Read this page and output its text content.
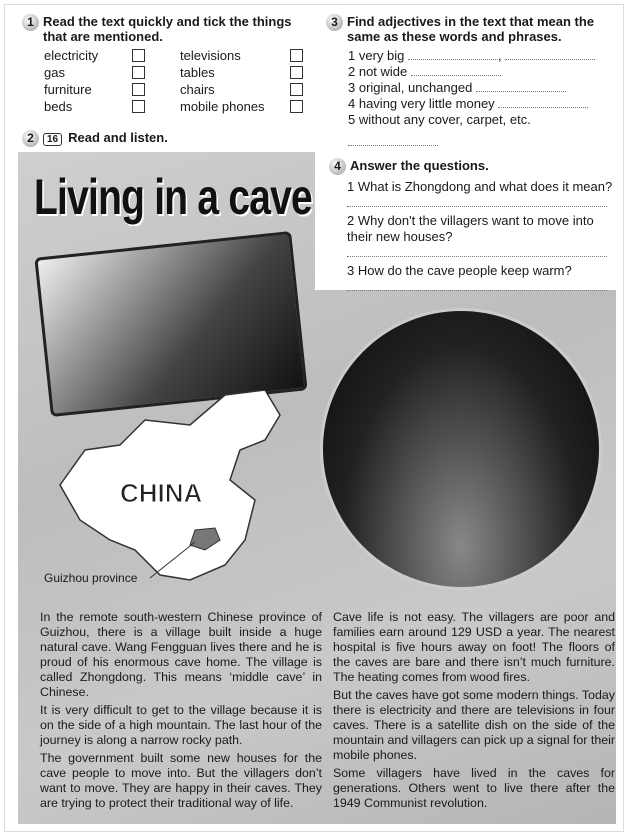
1 Read the text quickly and tick the things that are mentioned.
electricity	televisions
gas	tables
furniture	chairs
beds	mobile phones
2 16 Read and listen.
3 Find adjectives in the text that mean the same as these words and phrases.
1 very big	,
2 not wide
3 original, unchanged
4 having very little money
5 without any cover, carpet, etc.
4 Answer the questions.
1 What is Zhongdong and what does it mean?
2 Why don't the villagers want to move into their new houses?
3 How do the cave people keep warm?
Living in a cave
CHINA
Guizhou province

In the remote south-western Chinese province of Guizhou, there is a village built inside a huge natural cave. Wang Fengguan lives there and he is proud of his enormous cave home. The village is called Zhongdong. This means ‘middle cave’ in Chinese.

It is very difficult to get to the village because it is on the side of a high mountain. The last hour of the journey is along a narrow rocky path.

The government built some new houses for the cave people to move into. But the villagers don’t want to move. They are happy in their caves. They are trying to protect their traditional way of life.

Cave life is not easy. The villagers are poor and families earn around 129 USD a year. The nearest hospital is five hours away on foot! The floors of the caves are bare and there isn’t much furniture. The heating comes from wood fires.

But the caves have got some modern things. Today there is electricity and there are televisions in four caves. There is a satellite dish on the side of the mountain and villagers can pick up a signal for their mobile phones.

Some villagers have lived in the caves for generations. Others went to live there after the 1949 Communist revolution.
